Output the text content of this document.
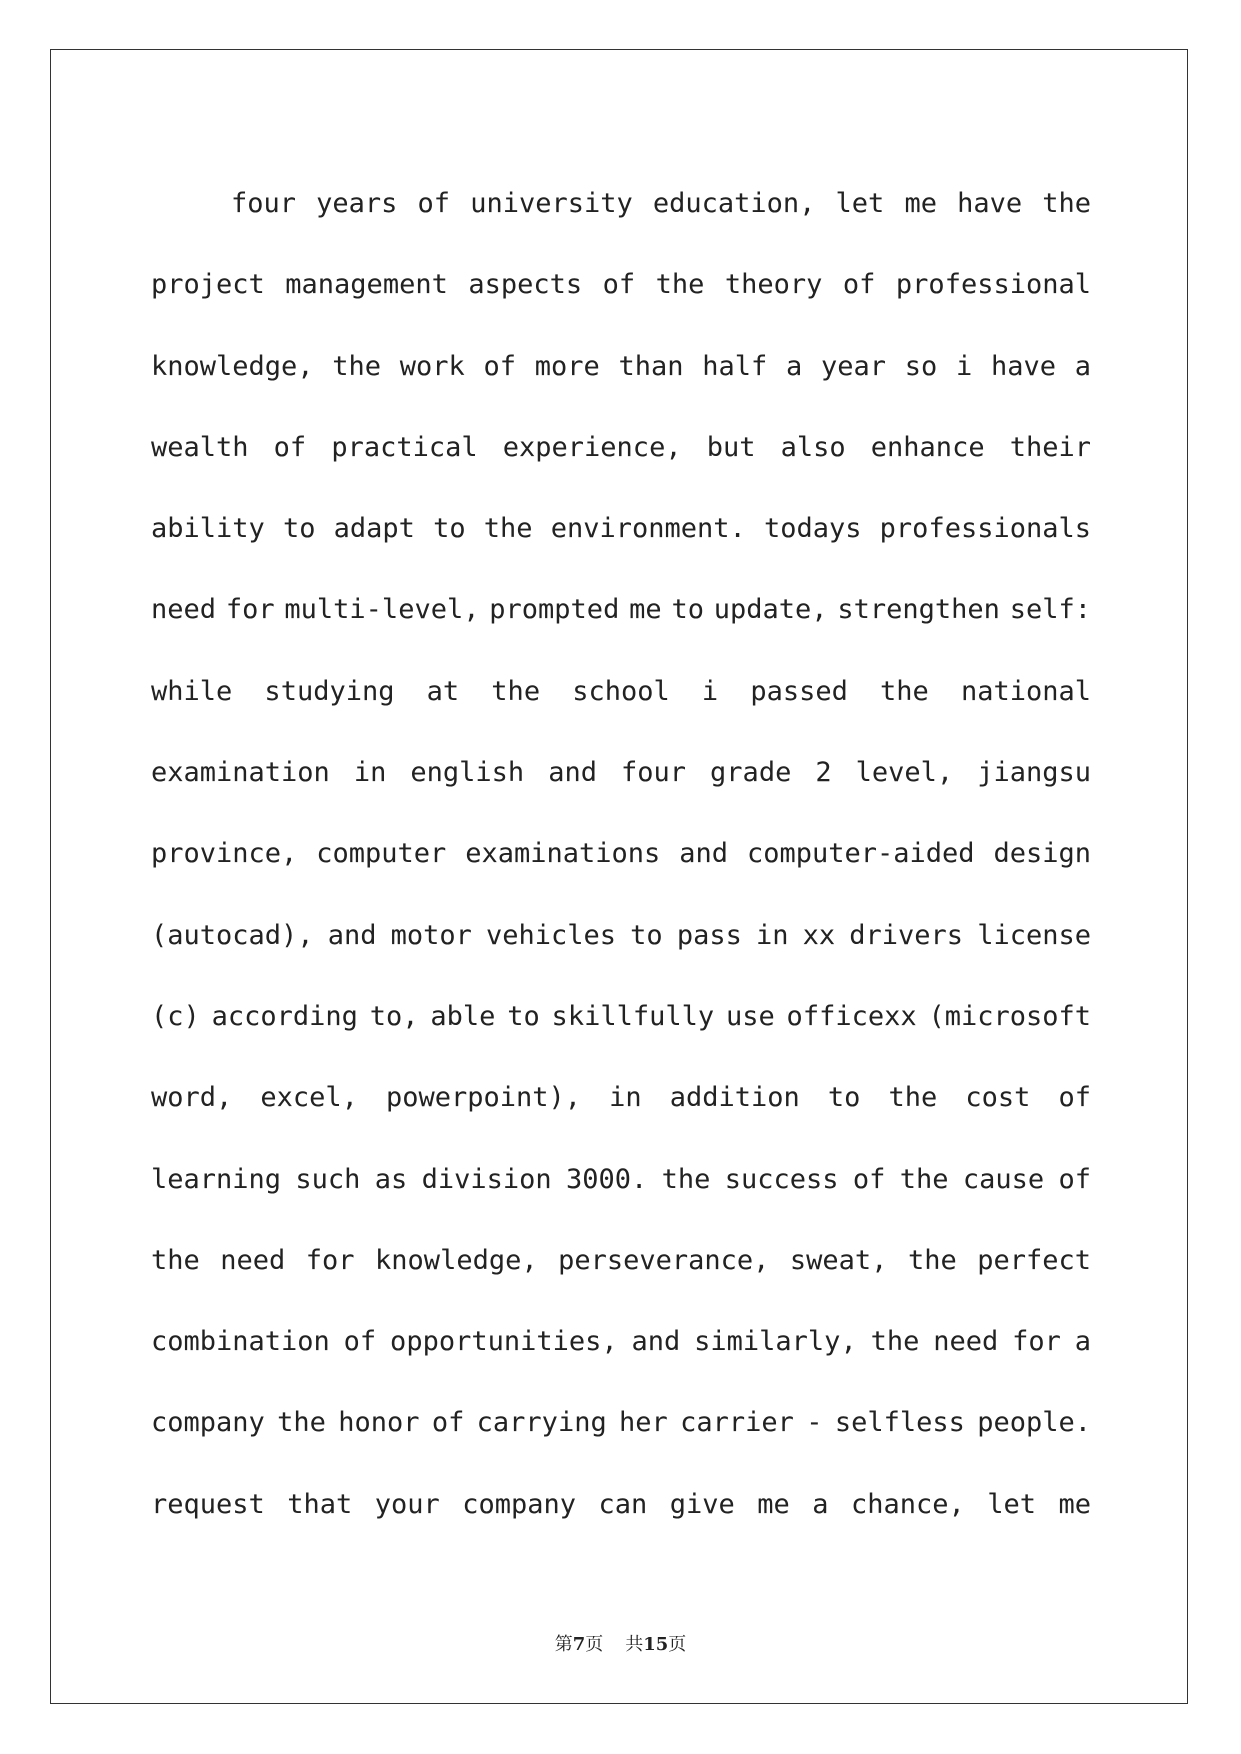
four years of university education, let me have the
project management aspects of the theory of professional
knowledge, the work of more than half a year so i have a
wealth of practical experience, but also enhance their
ability to adapt to the environment. todays professionals
need for multi-level, prompted me to update, strengthen self:
while studying at the school i passed the national
examination in english and four grade 2 level, jiangsu
province, computer examinations and computer-aided design
(autocad), and motor vehicles to pass in xx drivers license
(c) according to, able to skillfully use officexx (microsoft
word, excel, powerpoint), in addition to the cost of
learning such as division 3000. the success of the cause of
the need for knowledge, perseverance, sweat, the perfect
combination of opportunities, and similarly, the need for a
company the honor of carrying her carrier - selfless people.
request that your company can give me a chance, let me
第7页 共15页
